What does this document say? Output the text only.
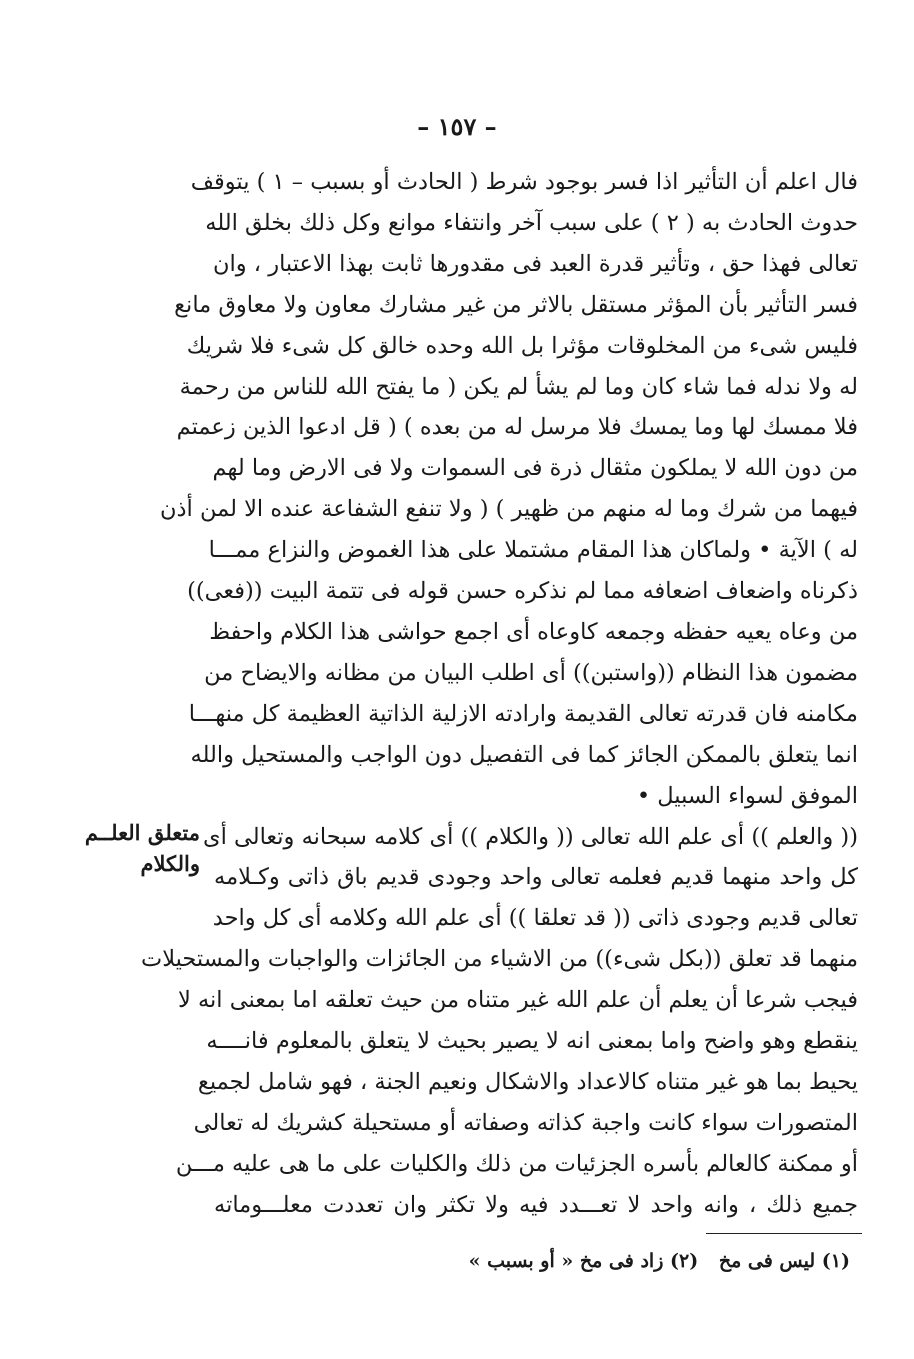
– ١٥٧ –
فال اعلم أن التأثير اذا فسر بوجود شرط ( الحادث أو بسبب – ١ ) يتوقف
حدوث الحادث به ( ٢ ) على سبب آخر وانتفاء موانع وكل ذلك بخلق الله
تعالى فهذا حق ، وتأثير قدرة العبد فى مقدورها ثابت بهذا الاعتبار ، وان
فسر التأثير بأن المؤثر مستقل بالاثر من غير مشارك معاون ولا معاوق مانع
فليس شىء من المخلوقات مؤثرا بل الله وحده خالق كل شىء فلا شريك
له ولا ندله فما شاء كان وما لم يشأ لم يكن ( ما يفتح الله للناس من رحمة
فلا ممسك لها وما يمسك فلا مرسل له من بعده ) ( قل ادعوا الذين زعمتم
من دون الله لا يملكون مثقال ذرة فى السموات ولا فى الارض وما لهم
فيهما من شرك وما له منهم من ظهير ) ( ولا تنفع الشفاعة عنده الا لمن أذن
له ) الآية • ولماكان هذا المقام مشتملا على هذا الغموض والنزاع ممـــا
ذكرناه واضعاف اضعافه مما لم نذكره حسن قوله فى تتمة البيت ((فعى))
من وعاه يعيه حفظه وجمعه كاوعاه أى اجمع حواشى هذا الكلام واحفظ
مضمون هذا النظام ((واستبن)) أى اطلب البيان من مظانه والايضاح من
مكامنه فان قدرته تعالى القديمة وارادته الازلية الذاتية العظيمة كل منهـــا
انما يتعلق بالممكن الجائز كما فى التفصيل دون الواجب والمستحيل والله
الموفق لسواء السبيل •
(( والعلم )) أى علم الله تعالى (( والكلام )) أى كلامه سبحانه وتعالى أى
كل واحد منهما قديم فعلمه تعالى واحد وجودى قديم باق ذاتى وكـلامه
تعالى قديم وجودى ذاتى (( قد تعلقا )) أى علم الله وكلامه أى كل واحد
منهما قد تعلق ((بكل شىء)) من الاشياء من الجائزات والواجبات والمستحيلات
فيجب شرعا أن يعلم أن علم الله غير متناه من حيث تعلقه اما بمعنى انه لا
ينقطع وهو واضح واما بمعنى انه لا يصير بحيث لا يتعلق بالمعلوم فانــــه
يحيط بما هو غير متناه كالاعداد والاشكال ونعيم الجنة ، فهو شامل لجميع
المتصورات سواء كانت واجبة كذاته وصفاته أو مستحيلة كشريك له تعالى
أو ممكنة كالعالم بأسره الجزئيات من ذلك والكليات على ما هى عليه مـــن
جميع ذلك ، وانه واحد لا تعـــدد فيه ولا تكثر وان تعددت معلـــوماته
متعلق العلــم
والكلام
(١) ليس فى مخ (٢) زاد فى مخ « أو بسبب »
